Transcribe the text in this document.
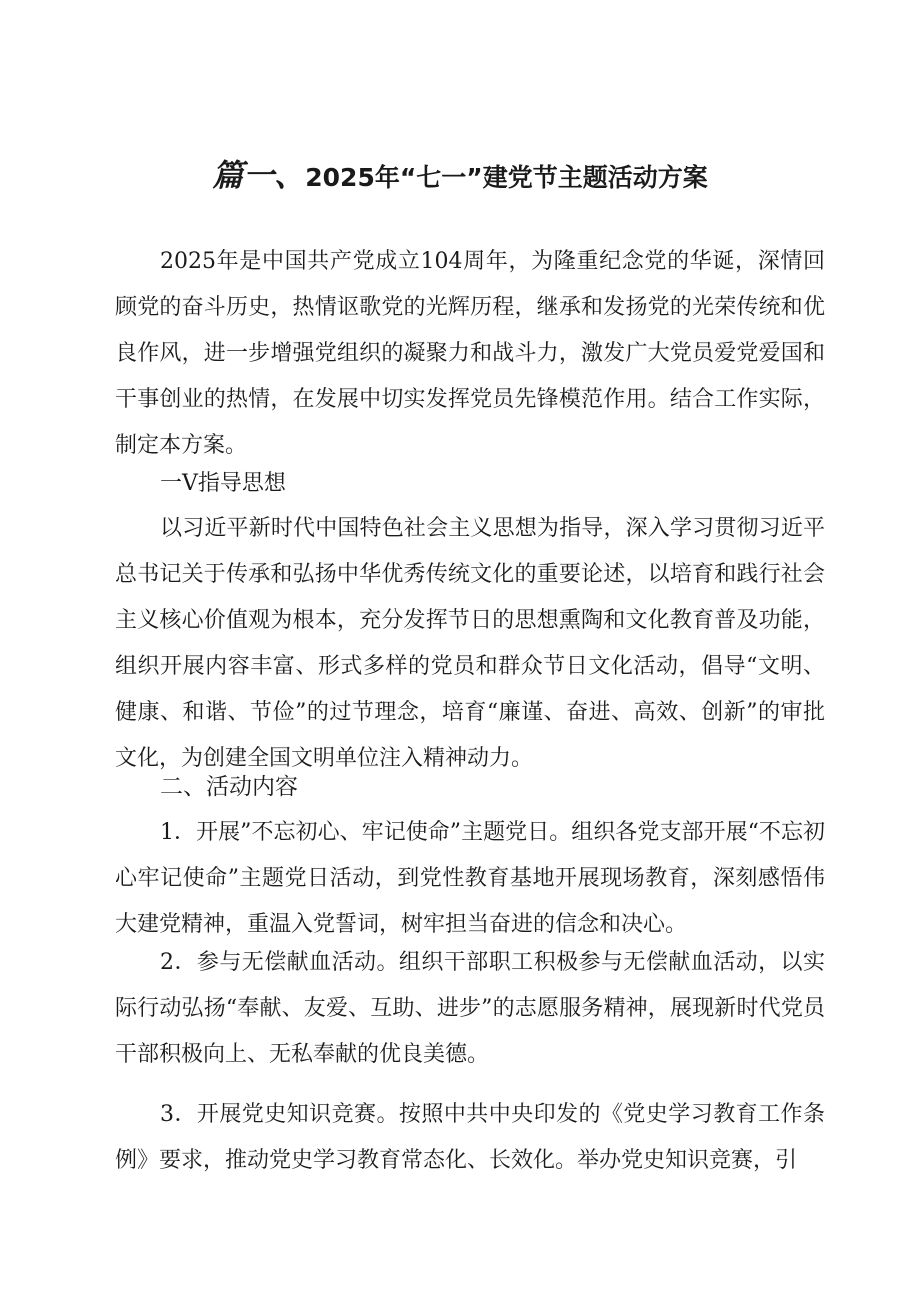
篇一、2025年“七一”建党节主题活动方案

2025年是中国共产党成立104周年，为隆重纪念党的华诞，深情回顾党的奋斗历史，热情讴歌党的光辉历程，继承和发扬党的光荣传统和优良作风，进一步增强党组织的凝聚力和战斗力，激发广大党员爱党爱国和干事创业的热情，在发展中切实发挥党员先锋模范作用。结合工作实际，制定本方案。

一V指导思想

以习近平新时代中国特色社会主义思想为指导，深入学习贯彻习近平总书记关于传承和弘扬中华优秀传统文化的重要论述，以培育和践行社会主义核心价值观为根本，充分发挥节日的思想熏陶和文化教育普及功能，组织开展内容丰富、形式多样的党员和群众节日文化活动，倡导“文明、健康、和谐、节俭”的过节理念，培育“廉谨、奋进、高效、创新”的审批文化，为创建全国文明单位注入精神动力。

二、活动内容

1．开展”不忘初心、牢记使命”主题党日。组织各党支部开展“不忘初心牢记使命”主题党日活动，到党性教育基地开展现场教育，深刻感悟伟大建党精神，重温入党誓词，树牢担当奋进的信念和决心。

2．参与无偿献血活动。组织干部职工积极参与无偿献血活动，以实际行动弘扬“奉献、友爱、互助、进步”的志愿服务精神，展现新时代党员干部积极向上、无私奉献的优良美德。

3．开展党史知识竞赛。按照中共中央印发的《党史学习教育工作条例》要求，推动党史学习教育常态化、长效化。举办党史知识竞赛，引
